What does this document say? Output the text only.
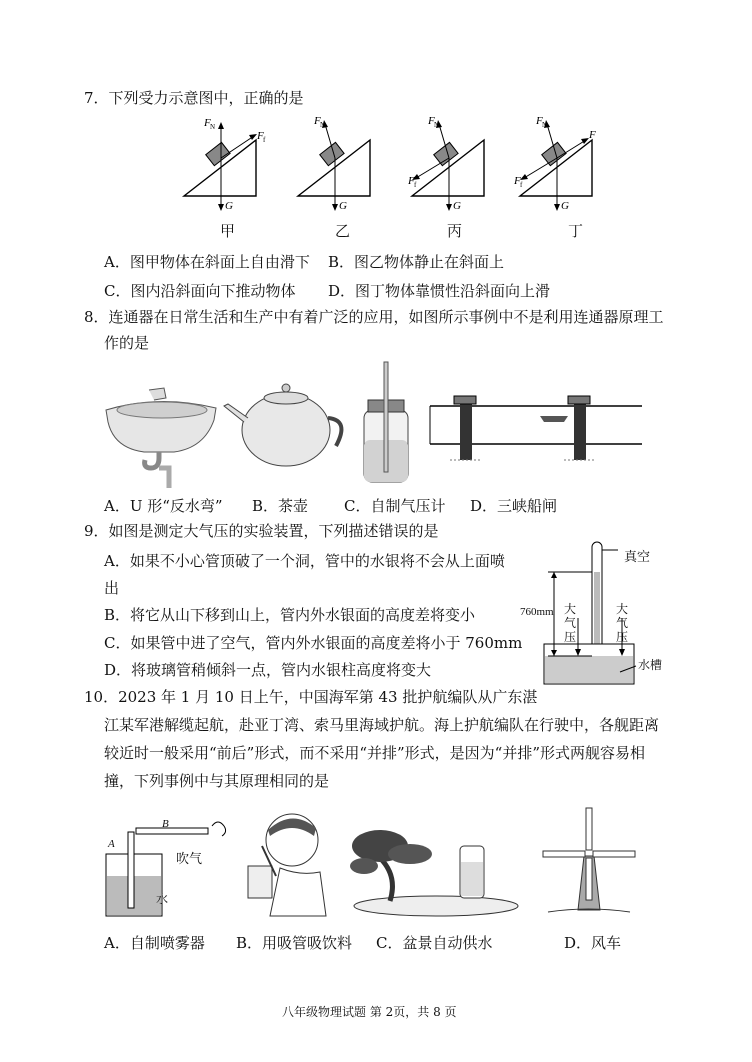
7．下列受力示意图中，正确的是
F N
F f
G
F N
G
F N
F f
G
F N
F
F f
G
甲	乙	丙	丁
A．图甲物体在斜面上自由滑下 B．图乙物体静止在斜面上
C．图内沿斜面向下推动物体 D．图丁物体靠惯性沿斜面向上滑
8．连通器在日常生活和生产中有着广泛的应用，如图所示事例中不是利用连通器原理工
作的是
A．U 形“反水弯” B．茶壶 C．自制气压计 D．三峡船闸
9．如图是测定大气压的实验装置，下列描述错误的是
A．如果不小心管顶破了一个洞，管中的水银将不会从上面喷
出
B．将它从山下移到山上，管内外水银面的高度差将变小
C．如果管中进了空气，管内外水银面的高度差将小于 760mm
D．将玻璃管稍倾斜一点，管内水银柱高度将变大
真空
760mm 大气压
大气压
水槽
10．2023 年 1 月 10 日上午，中国海军第 43 批护航编队从广东湛
江某军港解缆起航，赴亚丁湾、索马里海域护航。海上护航编队在行驶中，各舰距离
较近时一般采用“前后”形式，而不采用“并排”形式，是因为“并排”形式两舰容易相
撞，下列事例中与其原理相同的是
A
B
吹气
水
A．自制喷雾器 B．用吸管吸饮料 C．盆景自动供水	D．风车
八年级物理试题 第 2页，共 8 页
